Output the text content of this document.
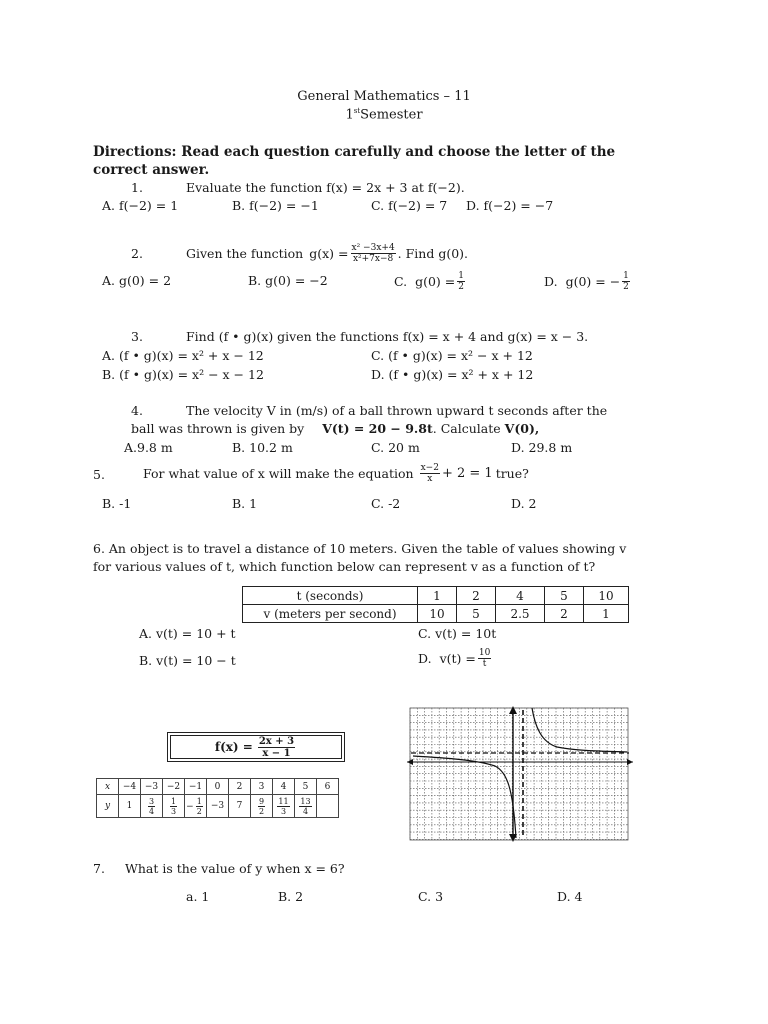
General Mathematics – 11
1stSemester
Directions: Read each question carefully and choose the letter of the correct answer.
1.	Evaluate the function f(x) = 2x + 3 at f(−2).
A. f(−2) = 1	B. f(−2) = −1	C. f(−2) = 7 D. f(−2) = −7
2.	Given the function $g(x) = \frac{\text{x² −3x+4}}{\text{x²+7x−8}}$ . Find g(0).
A. g(0) = 2	B. g(0) = −2	C. $g(0) = \frac{1}{2}$	D. g(0) = − $\frac{1}{2}$
3.	Find (f • g)(x) given the functions f(x) = x + 4 and g(x) = x − 3.
A. (f • g)(x) = x² + x − 12	C. (f • g)(x) = x² − x + 12
B. (f • g)(x) = x² − x − 12	D. (f • g)(x) = x² + x + 12
4.	The velocity V in (m/s) of a ball thrown upward t seconds after the
ball was thrown is given by V(t) = 20 − 9.8t. Calculate V(0),
A.9.8 m	B. 10.2 m	C. 20 m	D. 29.8 m
5.	For what value of x will make the equation $\frac{x-2}{x} + 2 = 1$ true?
B. -1	B. 1	C. -2	D. 2
6. An object is to travel a distance of 10 meters. Given the table of values showing v
for various values of t, which function below can represent v as a function of t?
t (seconds)	1	2	4	5	10
v (meters per second)	10	5	2.5	2	1
A. v(t) = 10 + t	C. v(t) = 10t
B. v(t) = 10 − t	D. $v(t) = \frac{10}{t}$
$f(x) = \frac{2x + 3}{x - 1}$
x	−4	−3	−2	−1	0	2	3	4	5	6
y	1	$\frac{3}{4}$	$\frac{1}{3}$	− $\frac{1}{2}$	−3	7	$\frac{9}{2}$	$\frac{11}{3}$	$\frac{13}{4}$

7. What is the value of y when x = 6?
a. 1	B. 2	C. 3	D. 4
